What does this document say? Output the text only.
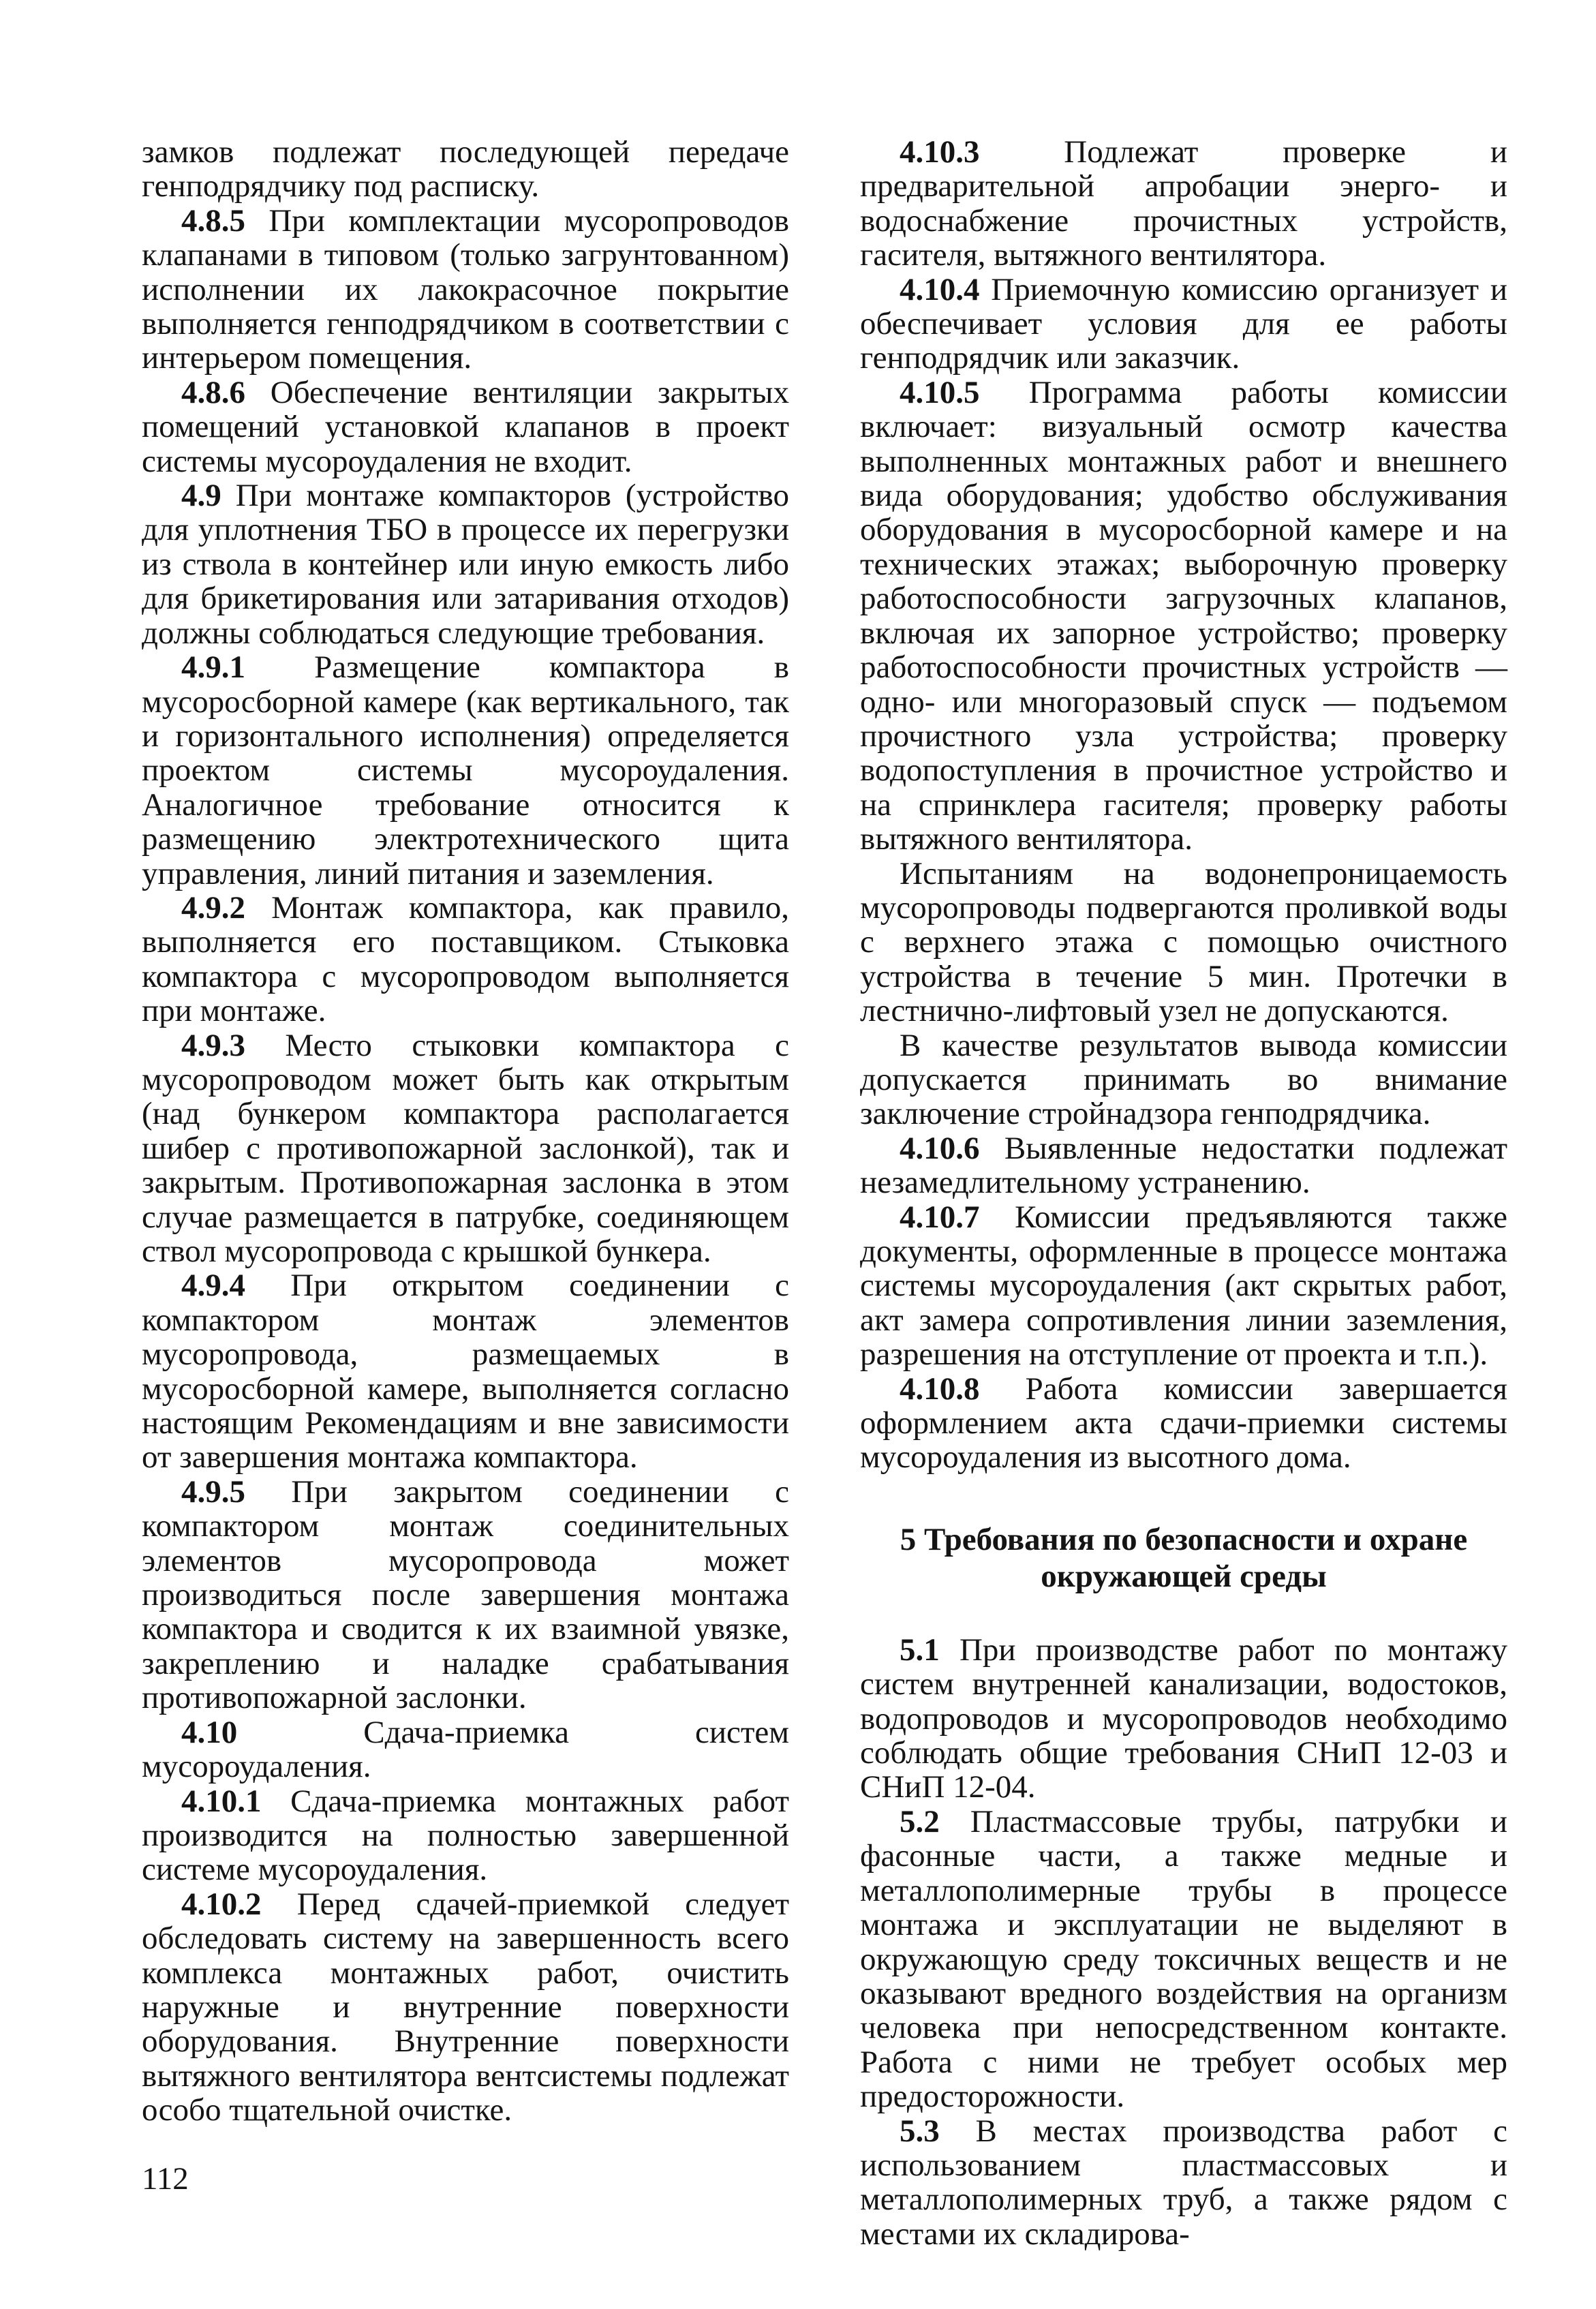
замков подлежат последующей передаче генподрядчику под расписку.

4.8.5 При комплектации мусоропроводов клапанами в типовом (только загрунтованном) исполнении их лакокрасочное покрытие выполняется генподрядчиком в соответствии с интерьером помещения.

4.8.6 Обеспечение вентиляции закрытых помещений установкой клапанов в проект системы мусороудаления не входит.

4.9 При монтаже компакторов (устройство для уплотнения ТБО в процессе их перегрузки из ствола в контейнер или иную емкость либо для брикетирования или затаривания отходов) должны соблюдаться следующие требования.

4.9.1 Размещение компактора в мусоросборной камере (как вертикального, так и горизонтального исполнения) определяется проектом системы мусороудаления. Аналогичное требование относится к размещению электротехнического щита управления, линий питания и заземления.

4.9.2 Монтаж компактора, как правило, выполняется его поставщиком. Стыковка компактора с мусоропроводом выполняется при монтаже.

4.9.3 Место стыковки компактора с мусоропроводом может быть как открытым (над бункером компактора располагается шибер с противопожарной заслонкой), так и закрытым. Противопожарная заслонка в этом случае размещается в патрубке, соединяющем ствол мусоропровода с крышкой бункера.

4.9.4 При открытом соединении с компактором монтаж элементов мусоропровода, размещаемых в мусоросборной камере, выполняется согласно настоящим Рекомендациям и вне зависимости от завершения монтажа компактора.

4.9.5 При закрытом соединении с компактором монтаж соединительных элементов мусоропровода может производиться после завершения монтажа компактора и сводится к их взаимной увязке, закреплению и наладке срабатывания противопожарной заслонки.

4.10 Сдача-приемка систем мусороудаления.

4.10.1 Сдача-приемка монтажных работ производится на полностью завершенной системе мусороудаления.

4.10.2 Перед сдачей-приемкой следует обследовать систему на завершенность всего комплекса монтажных работ, очистить наружные и внутренние поверхности оборудования. Внутренние поверхности вытяжного вентилятора вентсистемы подлежат особо тщательной очистке.

4.10.3 Подлежат проверке и предварительной апробации энерго- и водоснабжение прочистных устройств, гасителя, вытяжного вентилятора.

4.10.4 Приемочную комиссию организует и обеспечивает условия для ее работы генподрядчик или заказчик.

4.10.5 Программа работы комиссии включает: визуальный осмотр качества выполненных монтажных работ и внешнего вида оборудования; удобство обслуживания оборудования в мусоросборной камере и на технических этажах; выборочную проверку работоспособности загрузочных клапанов, включая их запорное устройство; проверку работоспособности прочистных устройств — одно- или многоразовый спуск — подъемом прочистного узла устройства; проверку водопоступления в прочистное устройство и на спринклера гасителя; проверку работы вытяжного вентилятора.

Испытаниям на водонепроницаемость мусоропроводы подвергаются проливкой воды с верхнего этажа с помощью очистного устройства в течение 5 мин. Протечки в лестнично-лифтовый узел не допускаются.

В качестве результатов вывода комиссии допускается принимать во внимание заключение стройнадзора генподрядчика.

4.10.6 Выявленные недостатки подлежат незамедлительному устранению.

4.10.7 Комиссии предъявляются также документы, оформленные в процессе монтажа системы мусороудаления (акт скрытых работ, акт замера сопротивления линии заземления, разрешения на отступление от проекта и т.п.).

4.10.8 Работа комиссии завершается оформлением акта сдачи-приемки системы мусороудаления из высотного дома.

5 Требования по безопасности и охране окружающей среды

5.1 При производстве работ по монтажу систем внутренней канализации, водостоков, водопроводов и мусоропроводов необходимо соблюдать общие требования СНиП 12-03 и СНиП 12-04.

5.2 Пластмассовые трубы, патрубки и фасонные части, а также медные и металлополимерные трубы в процессе монтажа и эксплуатации не выделяют в окружающую среду токсичных веществ и не оказывают вредного воздействия на организм человека при непосредственном контакте. Работа с ними не требует особых мер предосторожности.

5.3 В местах производства работ с использованием пластмассовых и металлополимерных труб, а также рядом с местами их складирова-

112
